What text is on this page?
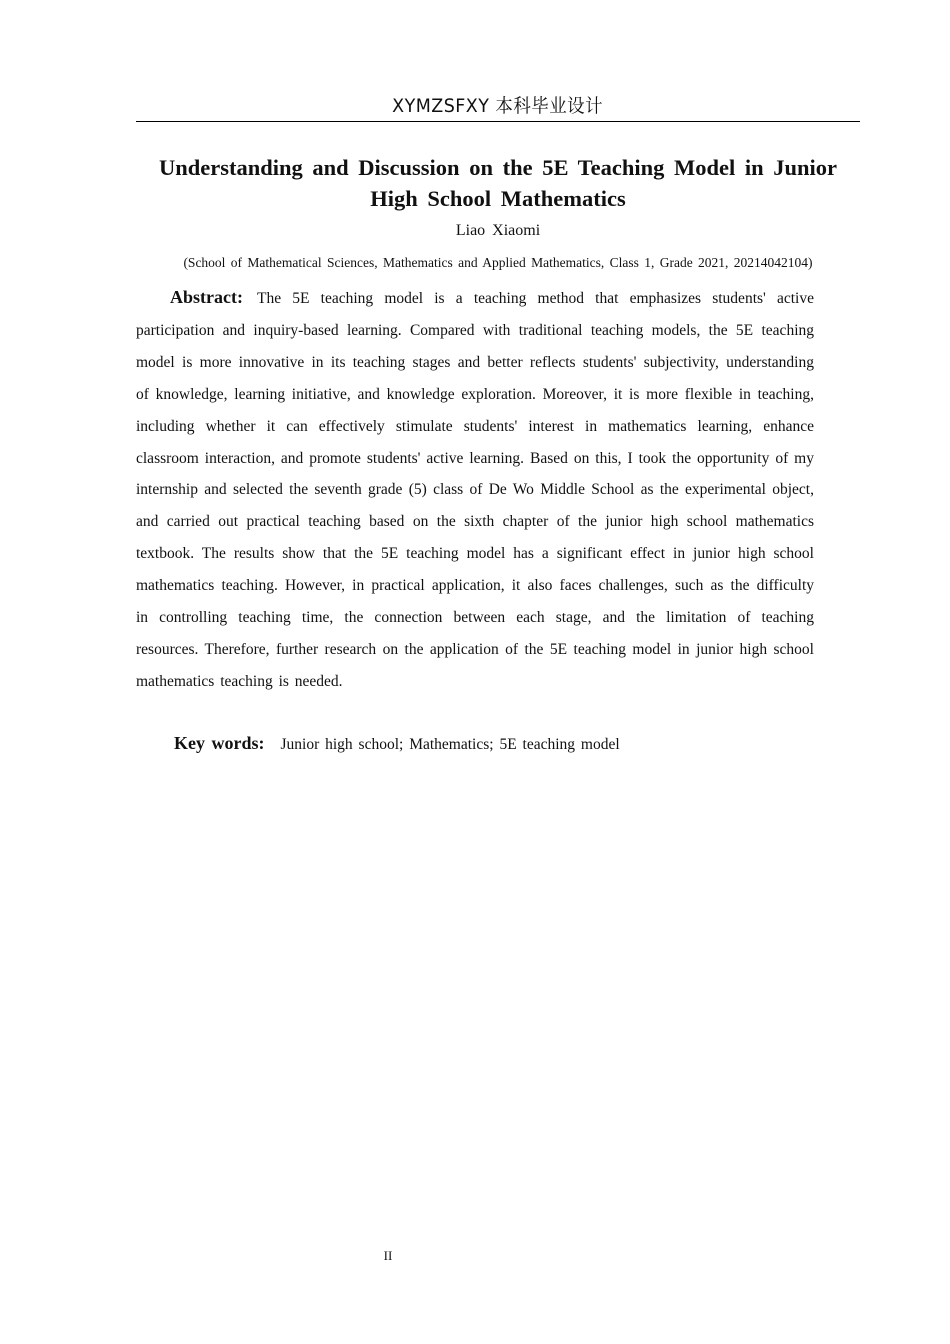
XYMZSFXY 本科毕业设计
Understanding and Discussion on the 5E Teaching Model in Junior High School Mathematics
Liao Xiaomi
(School of Mathematical Sciences, Mathematics and Applied Mathematics, Class 1, Grade 2021, 20214042104)

Abstract: The 5E teaching model is a teaching method that emphasizes students' active participation and inquiry-based learning. Compared with traditional teaching models, the 5E teaching model is more innovative in its teaching stages and better reflects students' subjectivity, understanding of knowledge, learning initiative, and knowledge exploration. Moreover, it is more flexible in teaching, including whether it can effectively stimulate students' interest in mathematics learning, enhance classroom interaction, and promote students' active learning. Based on this, I took the opportunity of my internship and selected the seventh grade (5) class of De Wo Middle School as the experimental object, and carried out practical teaching based on the sixth chapter of the junior high school mathematics textbook. The results show that the 5E teaching model has a significant effect in junior high school mathematics teaching. However, in practical application, it also faces challenges, such as the difficulty in controlling teaching time, the connection between each stage, and the limitation of teaching resources. Therefore, further research on the application of the 5E teaching model in junior high school mathematics teaching is needed.

Key words: Junior high school; Mathematics; 5E teaching model

II
